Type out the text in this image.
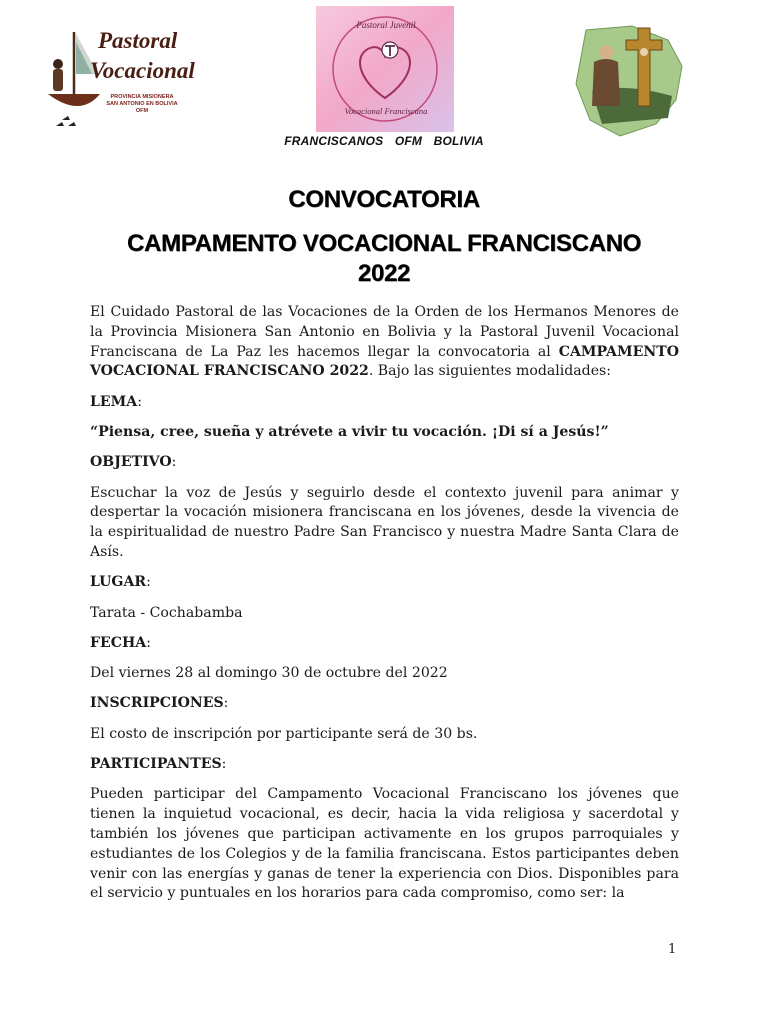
Pastoral
Vocacional
PROVINCIA MISIONERA
SAN ANTONIO EN BOLIVIA
OFM
Pastoral Juvenil
Vocacional Franciscana
FRANCISCANOS OFM BOLIVIA
CONVOCATORIA
CAMPAMENTO VOCACIONAL FRANCISCANO
2022

El Cuidado Pastoral de las Vocaciones de la Orden de los Hermanos Menores de la Provincia Misionera San Antonio en Bolivia y la Pastoral Juvenil Vocacional Franciscana de La Paz les hacemos llegar la convocatoria al CAMPAMENTO VOCACIONAL FRANCISCANO 2022. Bajo las siguientes modalidades:

LEMA:

“Piensa, cree, sueña y atrévete a vivir tu vocación. ¡Di sí a Jesús!”

OBJETIVO:

Escuchar la voz de Jesús y seguirlo desde el contexto juvenil para animar y despertar la vocación misionera franciscana en los jóvenes, desde la vivencia de la espiritualidad de nuestro Padre San Francisco y nuestra Madre Santa Clara de Asís.

LUGAR:

Tarata - Cochabamba

FECHA:

Del viernes 28 al domingo 30 de octubre del 2022

INSCRIPCIONES:

El costo de inscripción por participante será de 30 bs.

PARTICIPANTES:

Pueden participar del Campamento Vocacional Franciscano los jóvenes que tienen la inquietud vocacional, es decir, hacia la vida religiosa y sacerdotal y también los jóvenes que participan activamente en los grupos parroquiales y estudiantes de los Colegios y de la familia franciscana. Estos participantes deben venir con las energías y ganas de tener la experiencia con Dios. Disponibles para el servicio y puntuales en los horarios para cada compromiso, como ser: la

1
